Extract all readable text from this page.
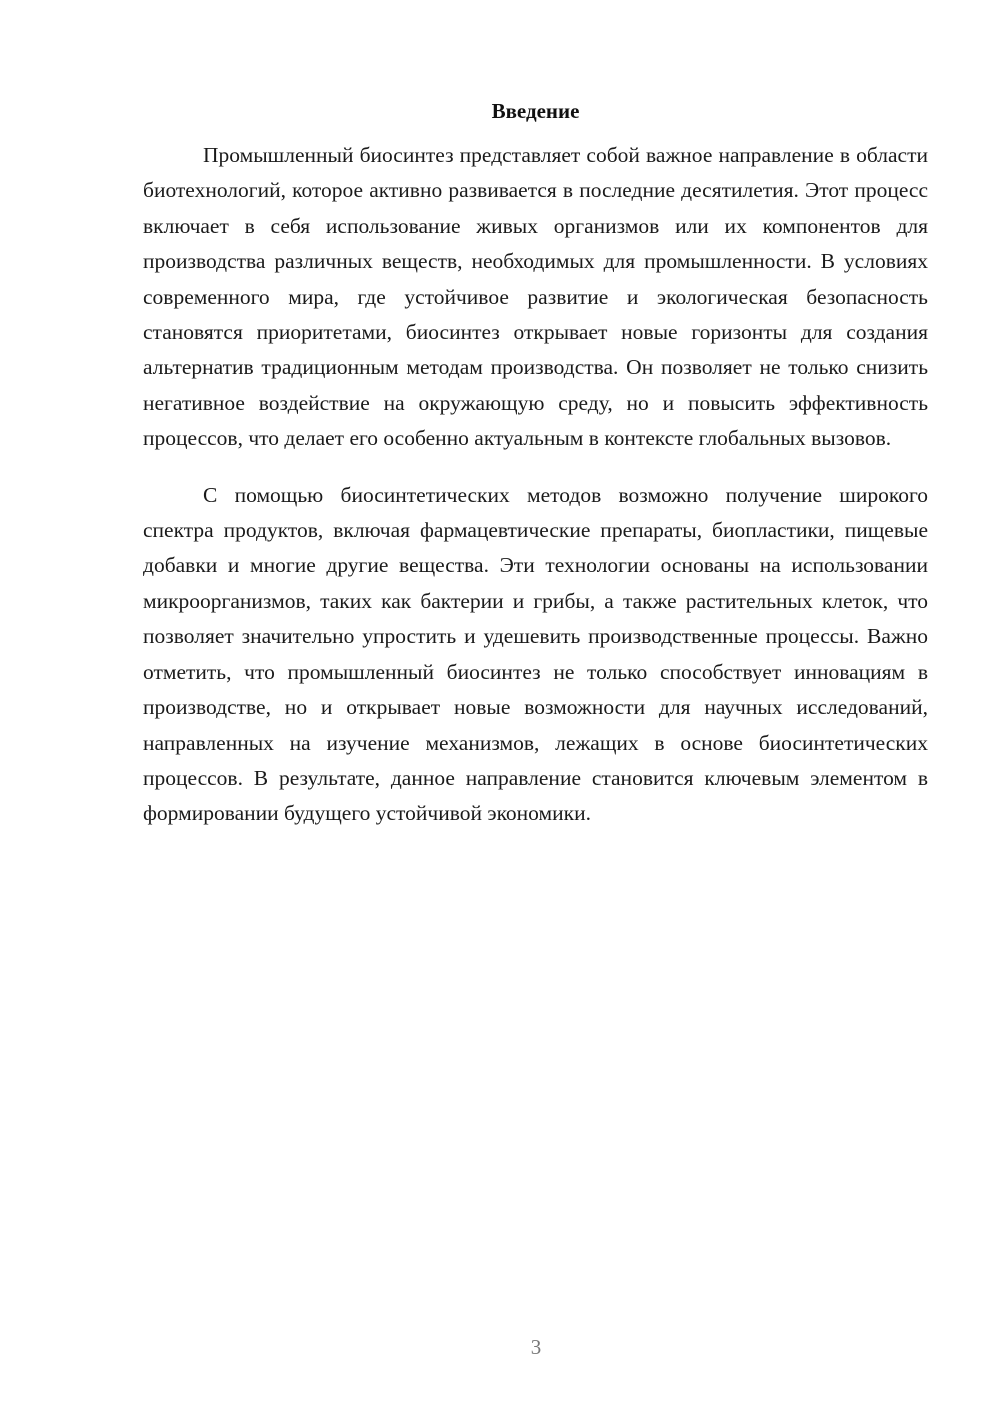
Введение

Промышленный биосинтез представляет собой важное направление в области биотехнологий, которое активно развивается в последние десятилетия. Этот процесс включает в себя использование живых организмов или их компонентов для производства различных веществ, необходимых для промышленности. В условиях современного мира, где устойчивое развитие и экологическая безопасность становятся приоритетами, биосинтез открывает новые горизонты для создания альтернатив традиционным методам производства. Он позволяет не только снизить негативное воздействие на окружающую среду, но и повысить эффективность процессов, что делает его особенно актуальным в контексте глобальных вызовов.

С помощью биосинтетических методов возможно получение широкого спектра продуктов, включая фармацевтические препараты, биопластики, пищевые добавки и многие другие вещества. Эти технологии основаны на использовании микроорганизмов, таких как бактерии и грибы, а также растительных клеток, что позволяет значительно упростить и удешевить производственные процессы. Важно отметить, что промышленный биосинтез не только способствует инновациям в производстве, но и открывает новые возможности для научных исследований, направленных на изучение механизмов, лежащих в основе биосинтетических процессов. В результате, данное направление становится ключевым элементом в формировании будущего устойчивой экономики.

3
